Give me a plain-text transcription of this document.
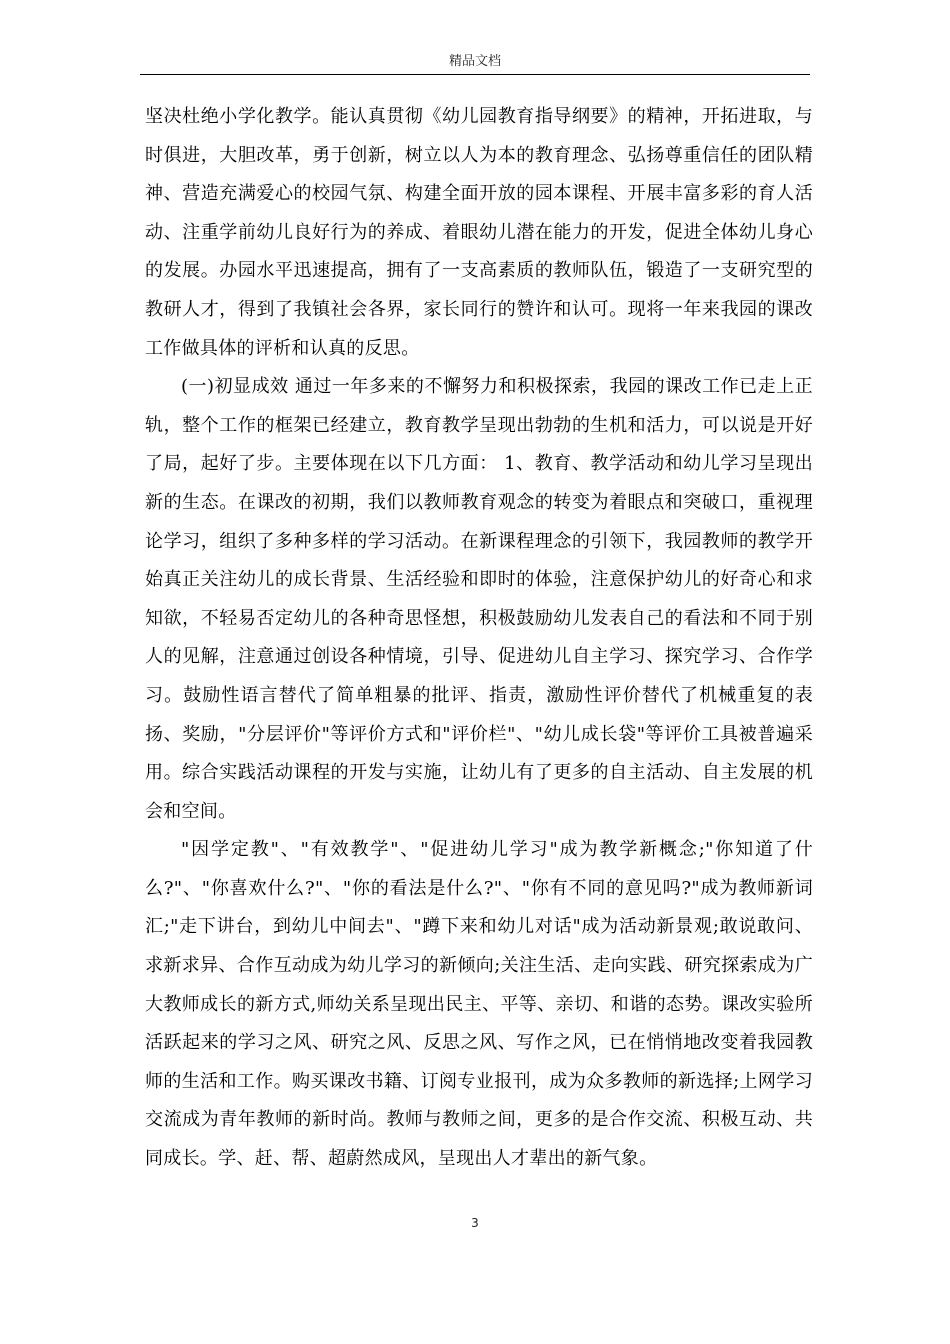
精品文档

坚决杜绝小学化教学。能认真贯彻《幼儿园教育指导纲要》的精神，开拓进取，与时俱进，大胆改革，勇于创新，树立以人为本的教育理念、弘扬尊重信任的团队精神、营造充满爱心的校园气氛、构建全面开放的园本课程、开展丰富多彩的育人活动、注重学前幼儿良好行为的养成、着眼幼儿潜在能力的开发，促进全体幼儿身心的发展。办园水平迅速提高，拥有了一支高素质的教师队伍，锻造了一支研究型的教研人才，得到了我镇社会各界，家长同行的赞许和认可。现将一年来我园的课改工作做具体的评析和认真的反思。

(一)初显成效 通过一年多来的不懈努力和积极探索，我园的课改工作已走上正轨，整个工作的框架已经建立，教育教学呈现出勃勃的生机和活力，可以说是开好了局，起好了步。主要体现在以下几方面： 1、教育、教学活动和幼儿学习呈现出新的生态。在课改的初期，我们以教师教育观念的转变为着眼点和突破口，重视理论学习，组织了多种多样的学习活动。在新课程理念的引领下，我园教师的教学开始真正关注幼儿的成长背景、生活经验和即时的体验，注意保护幼儿的好奇心和求知欲，不轻易否定幼儿的各种奇思怪想，积极鼓励幼儿发表自己的看法和不同于别人的见解，注意通过创设各种情境，引导、促进幼儿自主学习、探究学习、合作学习。鼓励性语言替代了简单粗暴的批评、指责，激励性评价替代了机械重复的表扬、奖励，"分层评价"等评价方式和"评价栏"、"幼儿成长袋"等评价工具被普遍采用。综合实践活动课程的开发与实施，让幼儿有了更多的自主活动、自主发展的机会和空间。

"因学定教"、"有效教学"、"促进幼儿学习"成为教学新概念;"你知道了什么?"、"你喜欢什么?"、"你的看法是什么?"、"你有不同的意见吗?"成为教师新词汇;"走下讲台，到幼儿中间去"、"蹲下来和幼儿对话"成为活动新景观;敢说敢问、求新求异、合作互动成为幼儿学习的新倾向;关注生活、走向实践、研究探索成为广大教师成长的新方式,师幼关系呈现出民主、平等、亲切、和谐的态势。课改实验所活跃起来的学习之风、研究之风、反思之风、写作之风，已在悄悄地改变着我园教师的生活和工作。购买课改书籍、订阅专业报刊，成为众多教师的新选择;上网学习交流成为青年教师的新时尚。教师与教师之间，更多的是合作交流、积极互动、共同成长。学、赶、帮、超蔚然成风，呈现出人才辈出的新气象。

3
